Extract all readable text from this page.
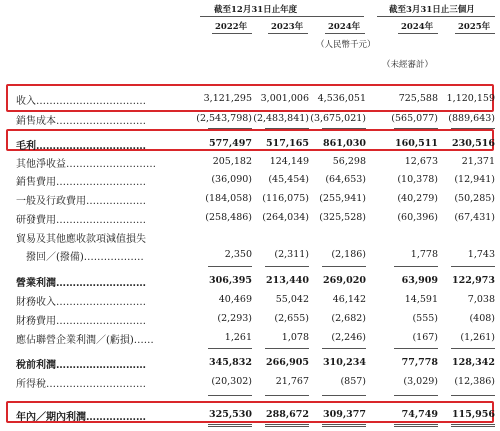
截至12月31日止年度	截至3月31日止三個月
2022年	2023年	2024年	2024年	2025年
（人民幣千元）
（未經審計）
收入……………………………	3,121,295 3,001,006 4,536,051	725,588 1,120,159
銷售成本………………………	(2,543,798) (2,483,841) (3,675,021)	(565,077)	(889,643)
毛利……………………………	577,497	517,165	861,030	160,511	230,516
其他淨收益………………………	205,182	124,149	56,298	12,673	21,371
銷售費用………………………	(36,090)	(45,454)	(64,653)	(10,378)	(12,941)
一般及行政費用………………	(184,058)	(116,075)	(255,941)	(40,279)	(50,285)
研發費用………………………	(258,486)	(264,034)	(325,528)	(60,396)	(67,431)
貿易及其他應收款項減值損失
　撥回／(撥備)………………	2,350	(2,311)	(2,186)	1,778	1,743
營業利潤………………………	306,395	213,440	269,020	63,909	122,973
財務收入………………………	40,469	55,042	46,142	14,591	7,038
財務費用………………………	(2,293)	(2,655)	(2,682)	(555)	(408)
應佔聯營企業利潤／(虧損)……	1,261	1,078	(2,246)	(167)	(1,261)
稅前利潤………………………	345,832	266,905	310,234	77,778	128,342
所得稅…………………………	(20,302)	21,767	(857)	(3,029)	(12,386)
年內／期內利潤………………	325,530	288,672	309,377	74,749	115,956
